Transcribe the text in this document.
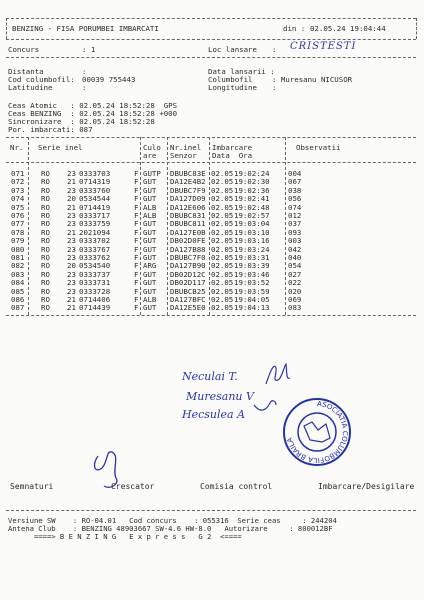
BENZING - FISA PORUMBEI IMBARCATI	din : 02.05.24 19:04:44
Concurs	: 1	Loc lansare : CRISTESTI
Distanta	:
Cod columbofil: 00039 755443
Latitudine	:
Data lansarii :
Columbofil	: Muresanu NICUSOR
Longitudine :
Ceas Atomic   : 02.05.24 18:52:28  GPS
Ceas BENZING  : 02.05.24 18:52:28 +000
Sincronizare  : 02.05.24 18:52:28
Por. imbarcati: 087
Nr. Serie inel	Culo
are
Nr.inel
Senzor
Imbarcare
Data  Ora
Observatii
071 RO 23 0333703	F GUTP DBUBC83E 02.05 19:02:24 004
072 RO 21 0714319	F GUT DA12E4B2 02.05 19:02:30 067
073 RO 23 0333760	F GUT DBUBC7F9 02.05 19:02:36 038
074 RO 20 0534544	F GUT DA127D09 02.05 19:02:41 056
075 RO 21 0714419	F ALB DA12E606 02.05 19:02:48 074
076 RO 23 0333717	F ALB DBUBC831 02.05 19:02:57 012
077 RO 23 0333759	F GUT DBUBC811 02.05 19:03:04 037
078 RO 21 2021094	F GUT DA127E0B 02.05 19:03:10 093
079 RO 23 0333702	F GUT DB02D0FE 02.05 19:03:16 003
080 RO 23 0333767	F GUT DA127B88 02.05 19:03:24 042
081 RO 23 0333762	F GUT DBUBC7F0 02.05 19:03:31 040
082 RO 20 0534540	F ARG DA127B90 02.05 19:03:39 054
083 RO 23 0333737	F GUT DB02D12C 02.05 19:03:46 027
084 RO 23 0333731	F GUT DB02D117 02.05 19:03:52 022
085 RO 23 0333728	F GUT DBUBCB25 02.05 19:03:59 020
086 RO 21 0714406	F ALB DA127BFC 02.05 19:04:05 069
087 RO 21 0714439	F GUT DA12E5E0 02.05 19:04:13 083
Neculai T.
Muresanu V
Hecsulea A
ASOCIATIA COLUMBOFILA BRAILA
Semnaturi	Crescator	Comisia control	Imbarcare/Desigilare
Versiune SW    : RO-04.01   Cod concurs    : 055316  Serie ceas     : 244204
Antena Club    : BENZING 48903667 SW-4.6 HW-8.0   Autorizare     : 800012BF
====> B E N Z I N G   E x p r e s s   G 2  <====
